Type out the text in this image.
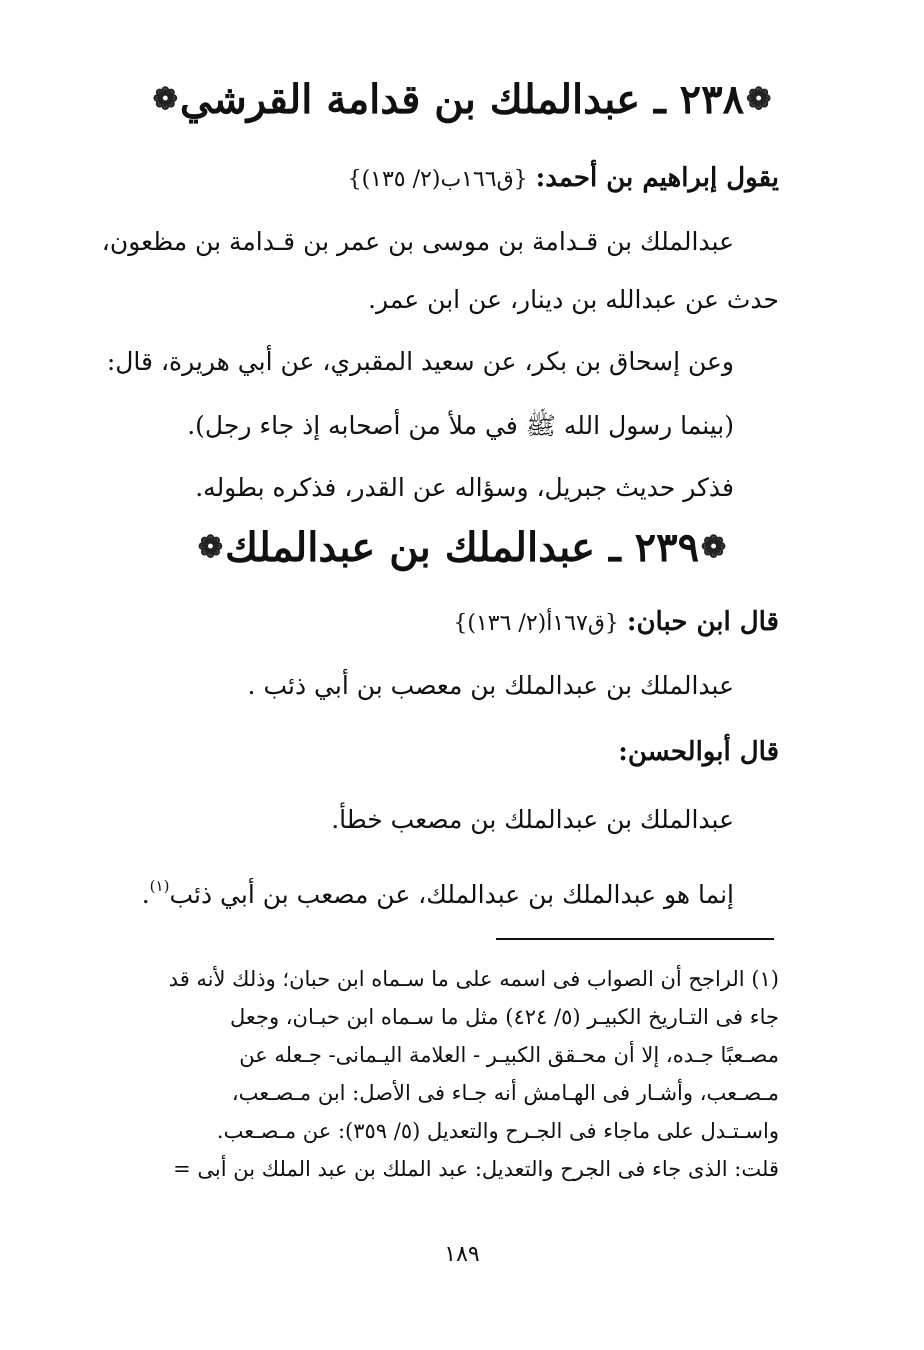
❁٢٣٨ ـ عبدالملك بن قدامة القرشي❁
يقول إبراهيم بن أحمد: {ق١٦٦ب(٢/ ١٣٥)}
عبدالملك بن قـدامة بن موسى بن عمر بن قـدامة بن مظعون،
حدث عن عبدالله بن دينار، عن ابن عمر.
وعن إسحاق بن بكر، عن سعيد المقبري، عن أبي هريرة، قال:
(بينما رسول الله ﷺ في ملأ من أصحابه إذ جاء رجل).
فذكر حديث جبريل، وسؤاله عن القدر، فذكره بطوله.
❁٢٣٩ ـ عبدالملك بن عبدالملك❁
قال ابن حبان: {ق١٦٧أ(٢/ ١٣٦)}
عبدالملك بن عبدالملك بن معصب بن أبي ذئب .
قال أبوالحسن:
عبدالملك بن عبدالملك بن مصعب خطأ.
إنما هو عبدالملك بن عبدالملك، عن مصعب بن أبي ذئب$^{(١)}$.
(١) الراجح أن الصواب فى اسمه على ما سـماه ابن حبان؛ وذلك لأنه قد
جاء فى التـاريخ الكبيـر (٥/ ٤٢٤) مثل ما سـماه ابن حبـان، وجعل
مصـعبًا جـده، إلا أن محـقق الكبيـر - العلامة اليـمانى- جـعله عن
مـصـعب، وأشـار فى الهـامش أنه جـاء فى الأصل: ابن مـصـعب،
واسـتـدل على ماجاء فى الجـرح والتعديل (٥/ ٣٥٩): عن مـصـعب.
قلت: الذى جاء فى الجرح والتعديل: عبد الملك بن عبد الملك بن أبى =
١٨٩
